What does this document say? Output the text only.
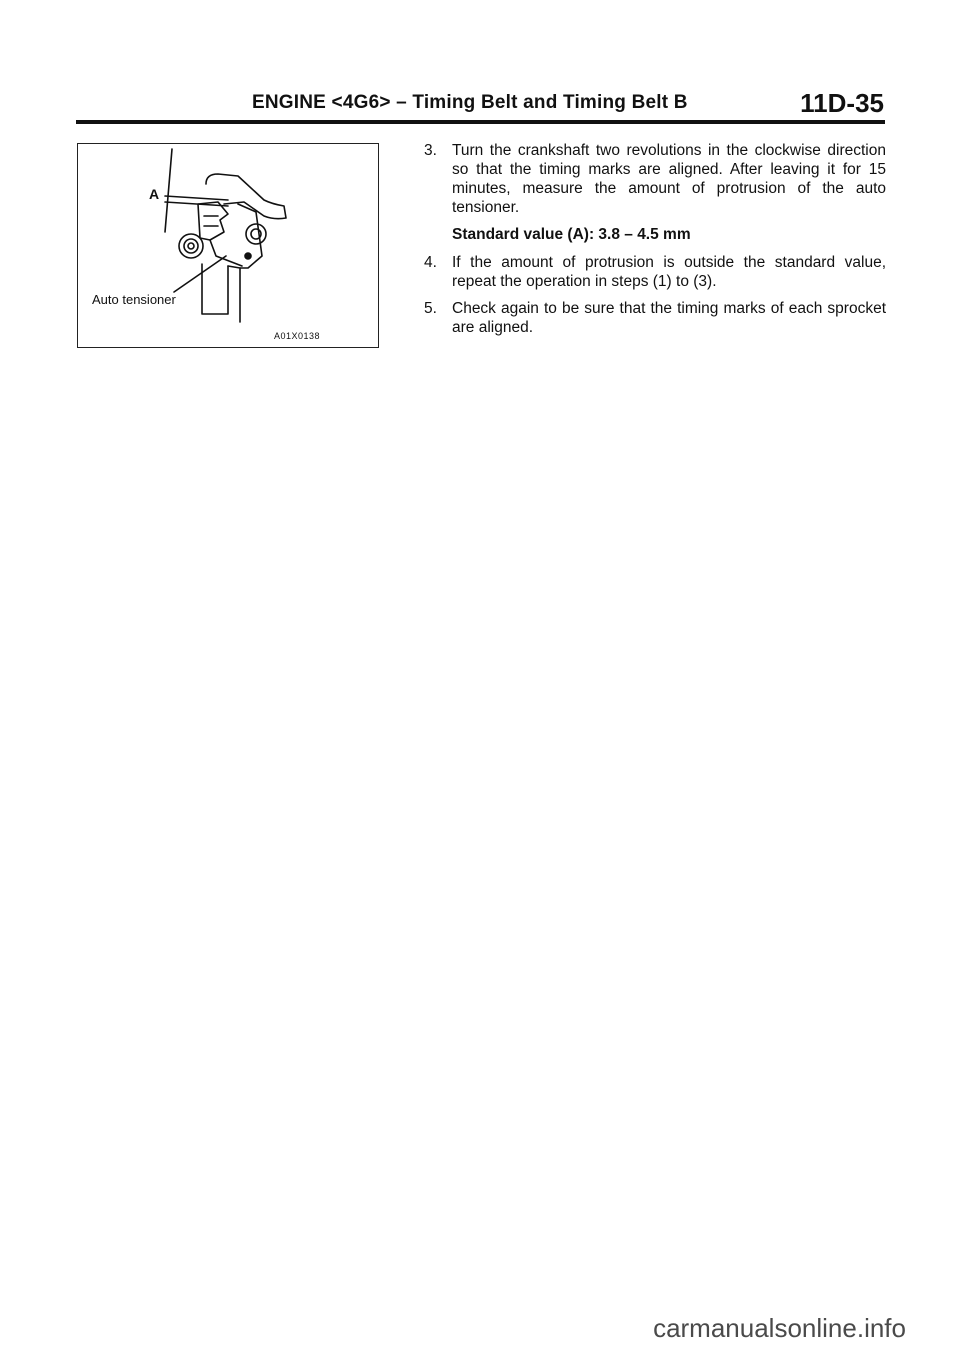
ENGINE <4G6> – Timing Belt and Timing Belt B	11D-35
A
Auto tensioner
A01X0138
3. Turn the crankshaft two revolutions in the clockwise direction so that the timing marks are aligned. After leaving it for 15 minutes, measure the amount of protrusion of the auto tensioner.
Standard value (A): 3.8 – 4.5 mm
4. If the amount of protrusion is outside the standard value, repeat the operation in steps (1) to (3).
5. Check again to be sure that the timing marks of each sprocket are aligned.
carmanualsonline.info
